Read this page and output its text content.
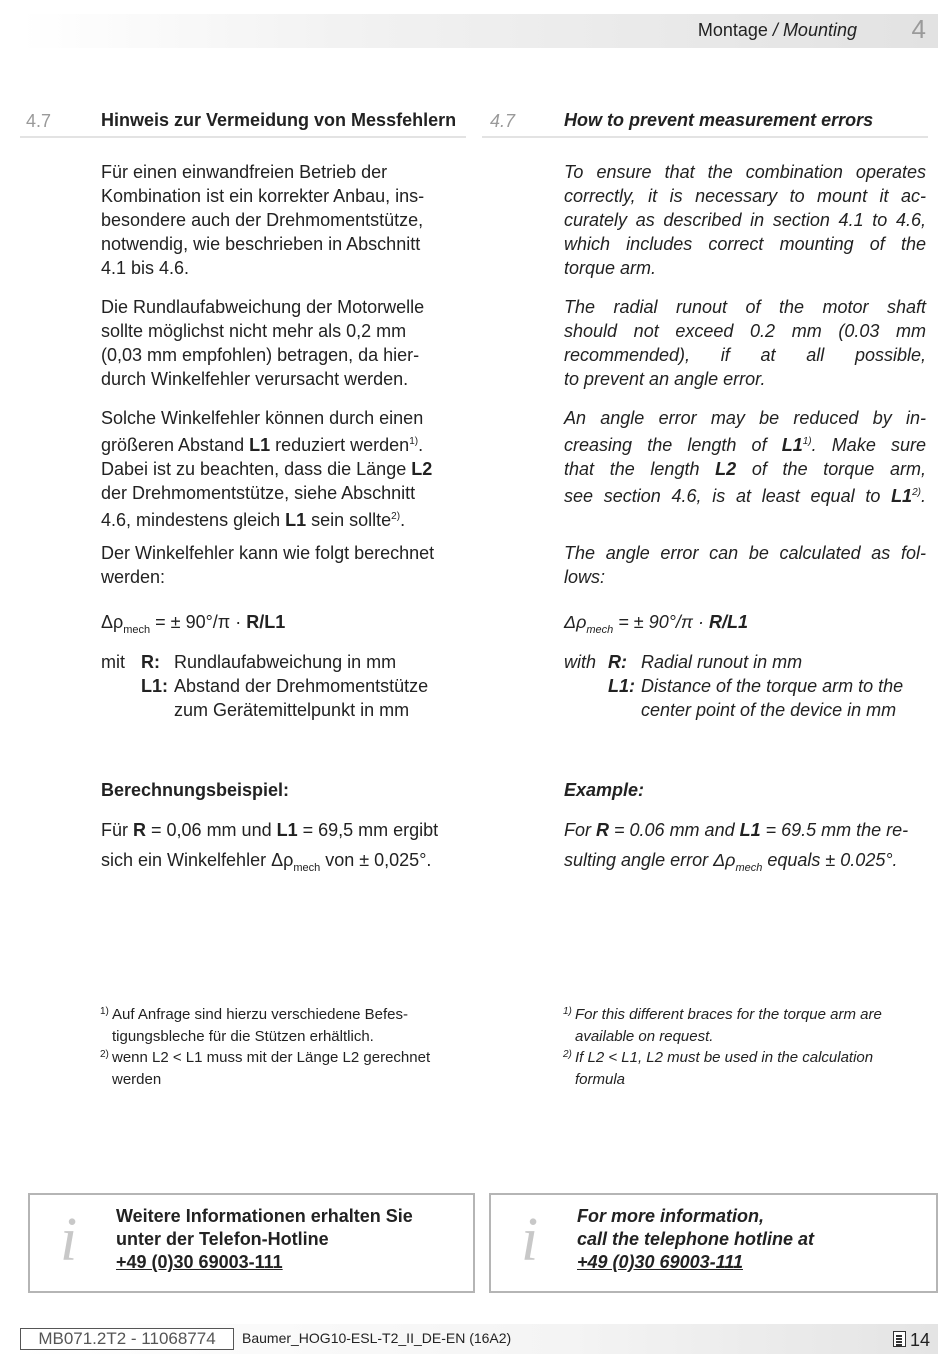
Montage / Mounting 4
4.7	Hinweis zur Vermeidung von Messfehlern 4.7	How to prevent measurement errors
Für einen einwandfreien Betrieb der
Kombination ist ein korrekter Anbau, ins-
besondere auch der Drehmomentstütze,
notwendig, wie beschrieben in Abschnitt
4.1 bis 4.6.
Die Rundlaufabweichung der Motorwelle
sollte möglichst nicht mehr als 0,2 mm
(0,03 mm empfohlen) betragen, da hier-
durch Winkelfehler verursacht werden.
Solche Winkelfehler können durch einen
größeren Abstand L1 reduziert werden$^{1)}$.
Dabei ist zu beachten, dass die Länge L2
der Drehmomentstütze, siehe Abschnitt
4.6, mindestens gleich L1 sein sollte$^{2)}$.
Der Winkelfehler kann wie folgt berechnet
werden:
$\Delta\rho_{mech}$ = ± 90°/π · R/L1
mit R: Rundlaufabweichung in mm
L1: Abstand der Drehmomentstütze
zum Gerätemittelpunkt in mm
Berechnungsbeispiel:
Für R = 0,06 mm und L1 = 69,5 mm ergibt
sich ein Winkelfehler $\Delta\rho_{mech}$ von ± 0,025°.
1) Auf Anfrage sind hierzu verschiedene Befes-
tigungsbleche für die Stützen erhältlich.
2) wenn L2 < L1 muss mit der Länge L2 gerechnet
werden
To ensure that the combination operates
correctly, it is necessary to mount it ac-
curately as described in section 4.1 to 4.6,
which includes correct mounting of the
torque arm.
The radial runout of the motor shaft
should not exceed 0.2 mm (0.03 mm
recommended), if at all possible,
to prevent an angle error.
An angle error may be reduced by in-
creasing the length of L1$^{1)}$. Make sure
that the length L2 of the torque arm,
see section 4.6, is at least equal to L1$^{2)}$.
The angle error can be calculated as fol-
lows:
$\Delta\rho_{mech}$ = ± 90°/π · R/L1
with R: Radial runout in mm
L1: Distance of the torque arm to the
center point of the device in mm
Example:
For R = 0.06 mm and L1 = 69.5 mm the re-
sulting angle error $\Delta\rho_{mech}$ equals ± 0.025°.
1) For this different braces for the torque arm are
available on request.
2) If L2 < L1, L2 must be used in the calculation
formula
i Weitere Informationen erhalten Sie
unter der Telefon-Hotline
+49 (0)30 69003-111	i For more information,
call the telephone hotline at
+49 (0)30 69003-111
MB071.2T2 - 11068774	Baumer_HOG10-ESL-T2_II_DE-EN (16A2)	14
